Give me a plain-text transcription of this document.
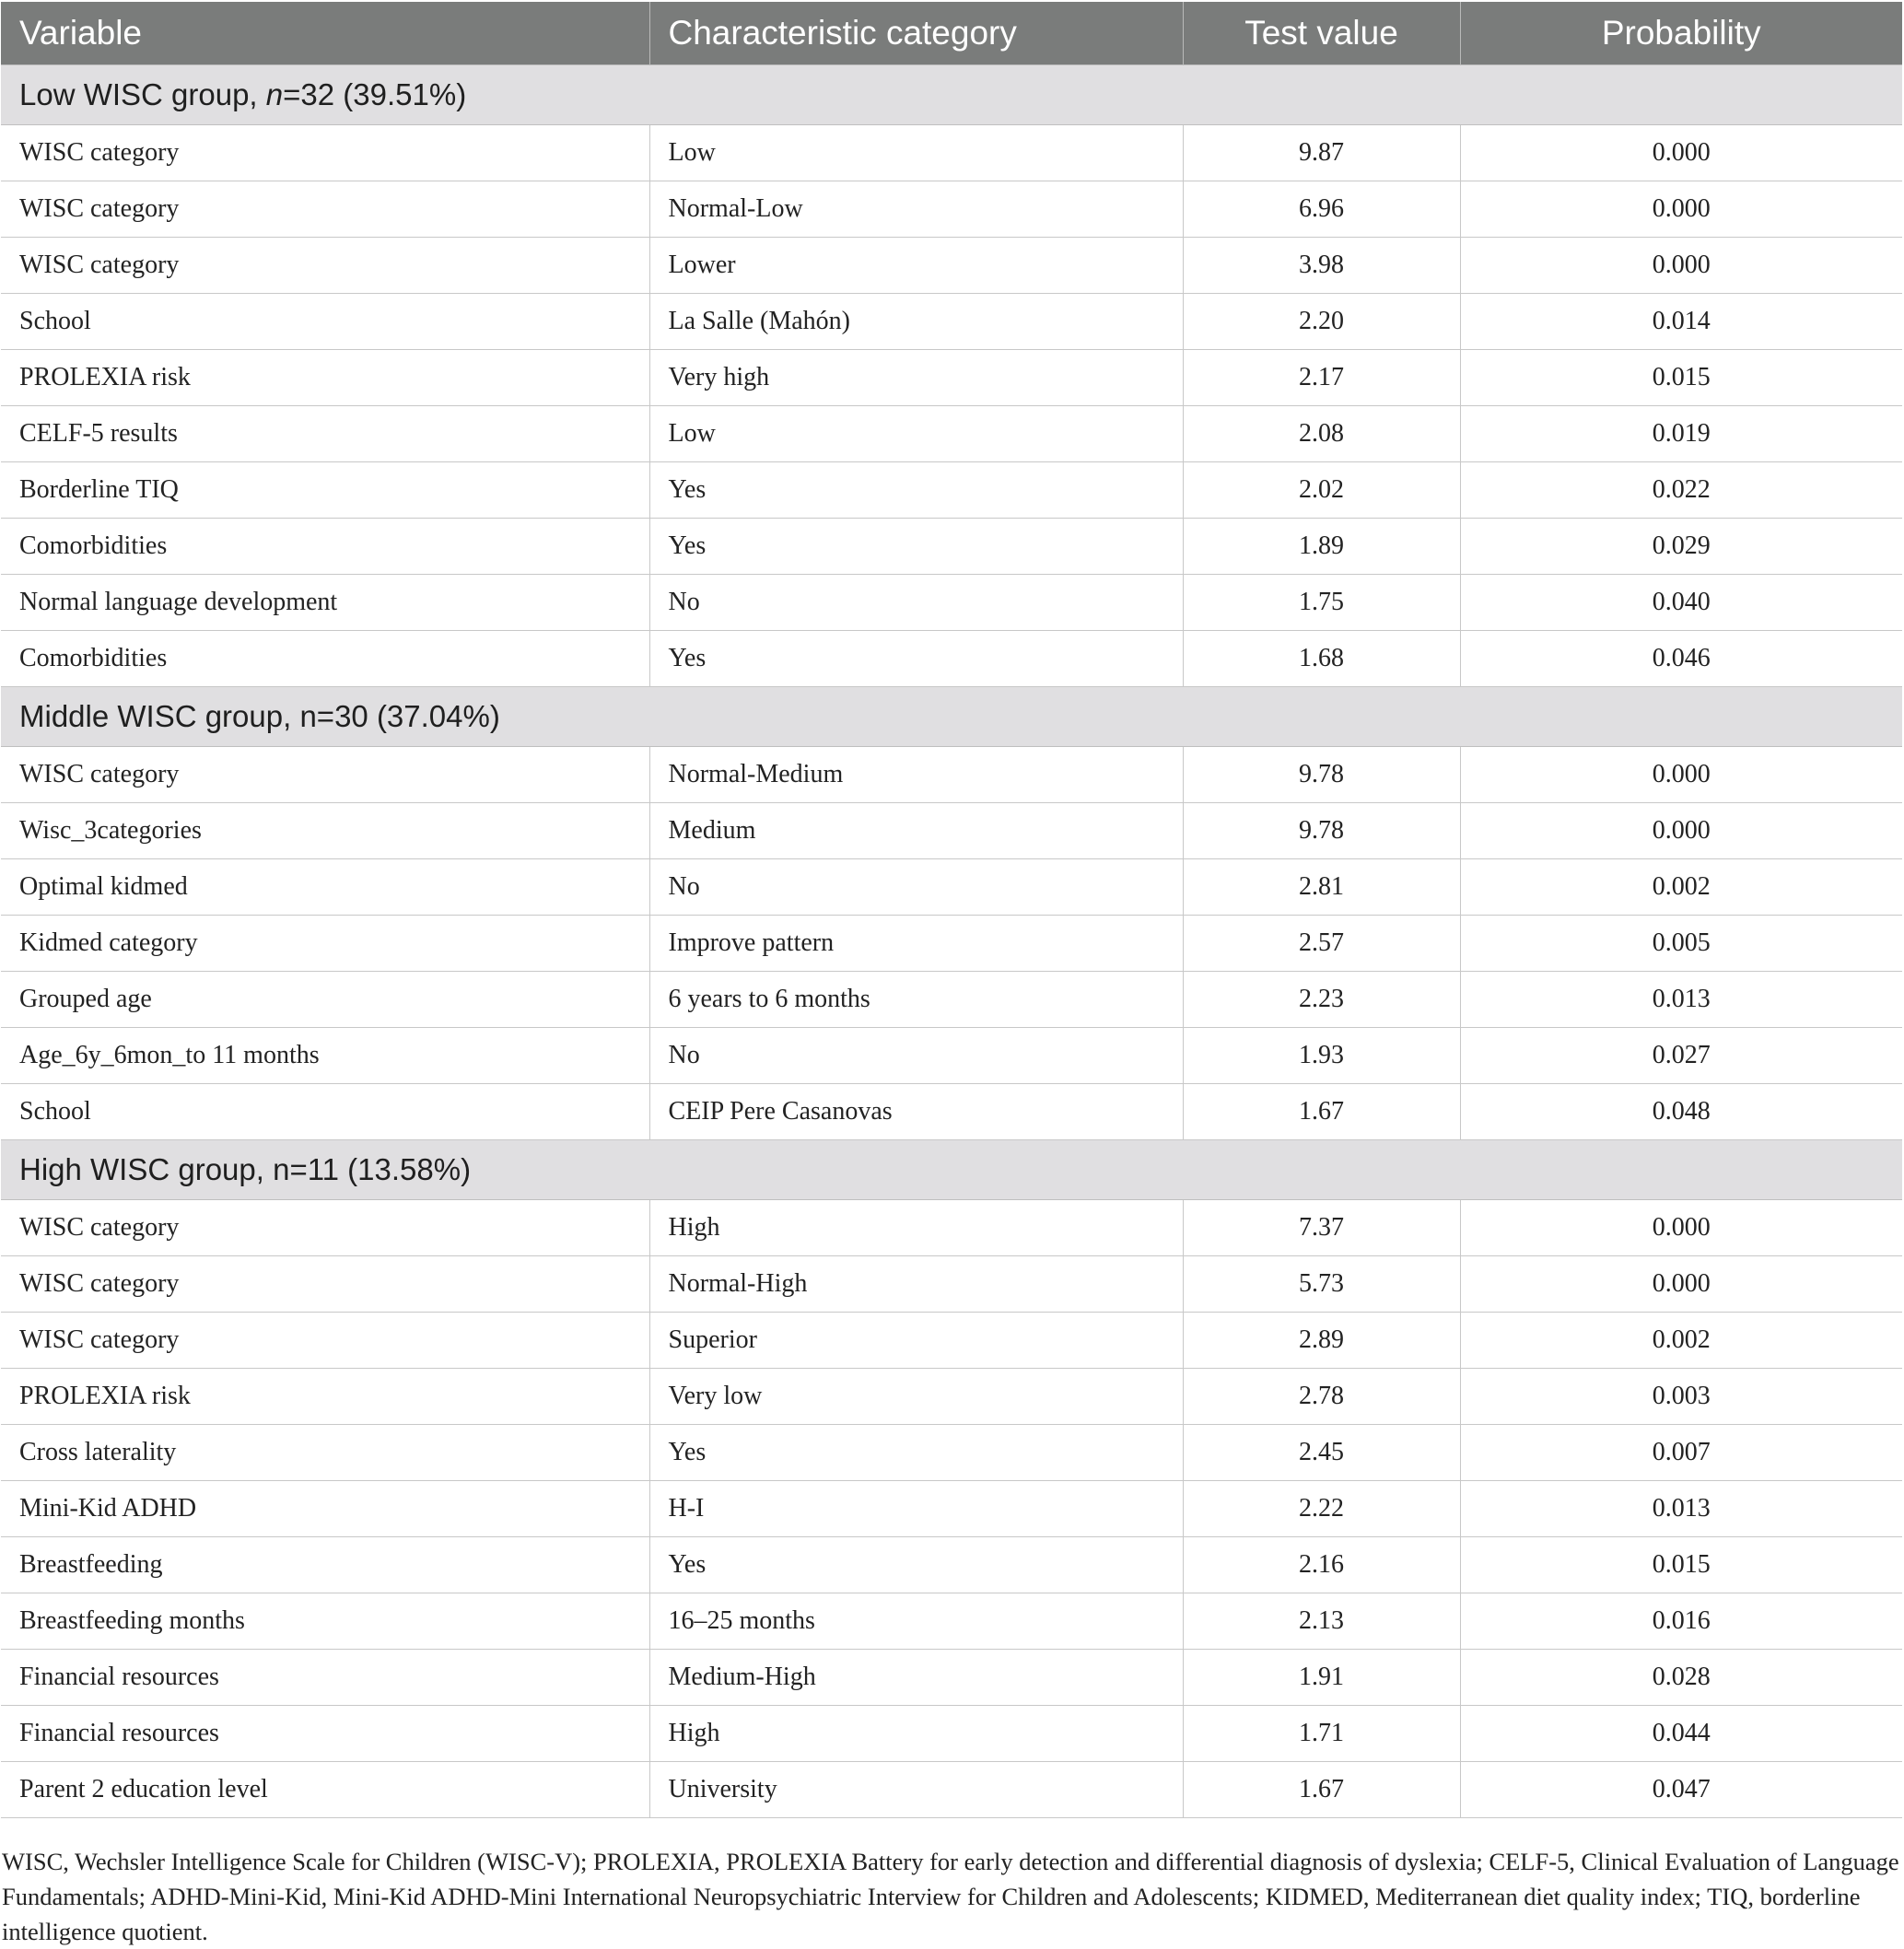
Variable	Characteristic category	Test value	Probability
Low WISC group, n=32 (39.51%)			
WISC category	Low	9.87	0.000
WISC category	Normal-Low	6.96	0.000
WISC category	Lower	3.98	0.000
School	La Salle (Mahón)	2.20	0.014
PROLEXIA risk	Very high	2.17	0.015
CELF-5 results	Low	2.08	0.019
Borderline TIQ	Yes	2.02	0.022
Comorbidities	Yes	1.89	0.029
Normal language development	No	1.75	0.040
Comorbidities	Yes	1.68	0.046
Middle WISC group, n=30 (37.04%)			
WISC category	Normal-Medium	9.78	0.000
Wisc_3categories	Medium	9.78	0.000
Optimal kidmed	No	2.81	0.002
Kidmed category	Improve pattern	2.57	0.005
Grouped age	6 years to 6 months	2.23	0.013
Age_6y_6mon_to 11 months	No	1.93	0.027
School	CEIP Pere Casanovas	1.67	0.048
High WISC group, n=11 (13.58%)			
WISC category	High	7.37	0.000
WISC category	Normal-High	5.73	0.000
WISC category	Superior	2.89	0.002
PROLEXIA risk	Very low	2.78	0.003
Cross laterality	Yes	2.45	0.007
Mini-Kid ADHD	H-I	2.22	0.013
Breastfeeding	Yes	2.16	0.015
Breastfeeding months	16–25 months	2.13	0.016
Financial resources	Medium-High	1.91	0.028
Financial resources	High	1.71	0.044
Parent 2 education level	University	1.67	0.047
WISC, Wechsler Intelligence Scale for Children (WISC-V); PROLEXIA, PROLEXIA Battery for early detection and differential diagnosis of dyslexia; CELF-5, Clinical Evaluation of Language Fundamentals; ADHD-Mini-Kid, Mini-Kid ADHD-Mini International Neuropsychiatric Interview for Children and Adolescents; KIDMED, Mediterranean diet quality index; TIQ, borderline intelligence quotient.
